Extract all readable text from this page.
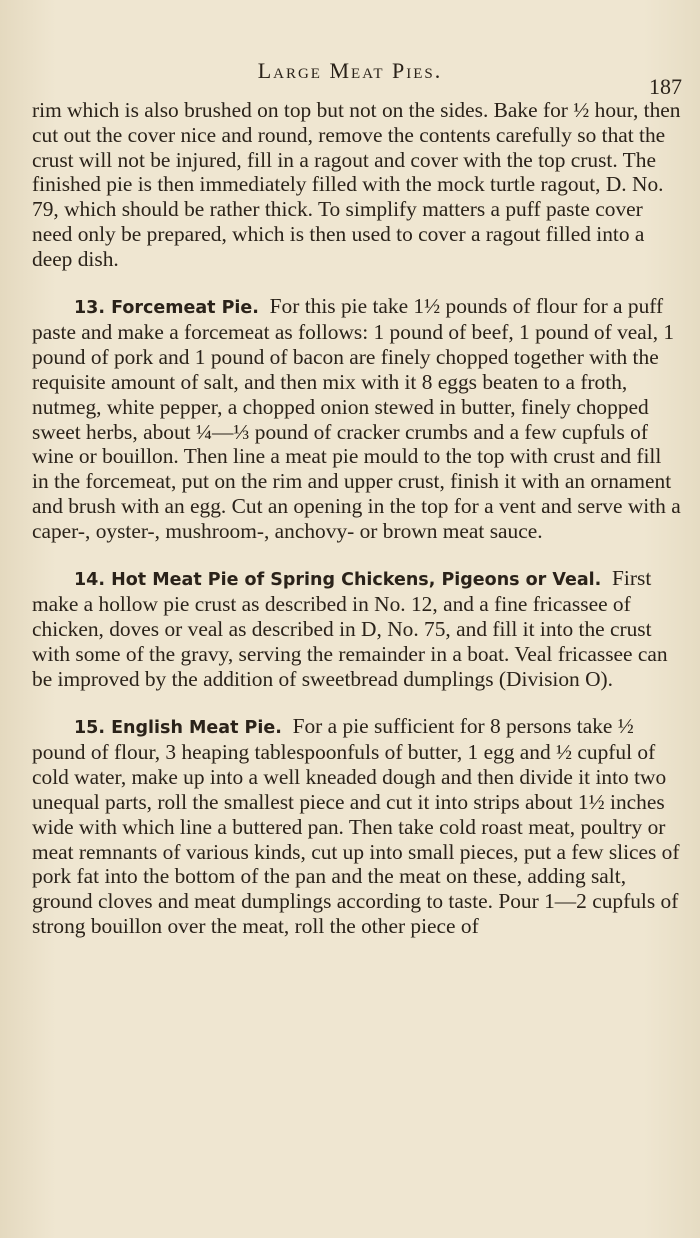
Large Meat Pies.
187

rim which is also brushed on top but not on the sides. Bake for ½ hour, then cut out the cover nice and round, remove the contents carefully so that the crust will not be injured, fill in a ragout and cover with the top crust. The finished pie is then immediately filled with the mock turtle ragout, D. No. 79, which should be rather thick. To simplify matters a puff paste cover need only be prepared, which is then used to cover a ragout filled into a deep dish.

13. Forcemeat Pie. For this pie take 1½ pounds of flour for a puff paste and make a forcemeat as follows: 1 pound of beef, 1 pound of veal, 1 pound of pork and 1 pound of bacon are finely chopped together with the requisite amount of salt, and then mix with it 8 eggs beaten to a froth, nutmeg, white pepper, a chopped onion stewed in butter, finely chopped sweet herbs, about ¼—⅓ pound of cracker crumbs and a few cupfuls of wine or bouillon. Then line a meat pie mould to the top with crust and fill in the forcemeat, put on the rim and upper crust, finish it with an ornament and brush with an egg. Cut an opening in the top for a vent and serve with a caper-, oyster-, mushroom-, anchovy- or brown meat sauce.

14. Hot Meat Pie of Spring Chickens, Pigeons or Veal. First make a hollow pie crust as described in No. 12, and a fine fricassee of chicken, doves or veal as described in D, No. 75, and fill it into the crust with some of the gravy, serving the remainder in a boat. Veal fricassee can be improved by the addition of sweetbread dumplings (Division O).

15. English Meat Pie. For a pie sufficient for 8 persons take ½ pound of flour, 3 heaping tablespoonfuls of butter, 1 egg and ½ cupful of cold water, make up into a well kneaded dough and then divide it into two unequal parts, roll the smallest piece and cut it into strips about 1½ inches wide with which line a buttered pan. Then take cold roast meat, poultry or meat remnants of various kinds, cut up into small pieces, put a few slices of pork fat into the bottom of the pan and the meat on these, adding salt, ground cloves and meat dumplings according to taste. Pour 1—2 cupfuls of strong bouillon over the meat, roll the other piece of
